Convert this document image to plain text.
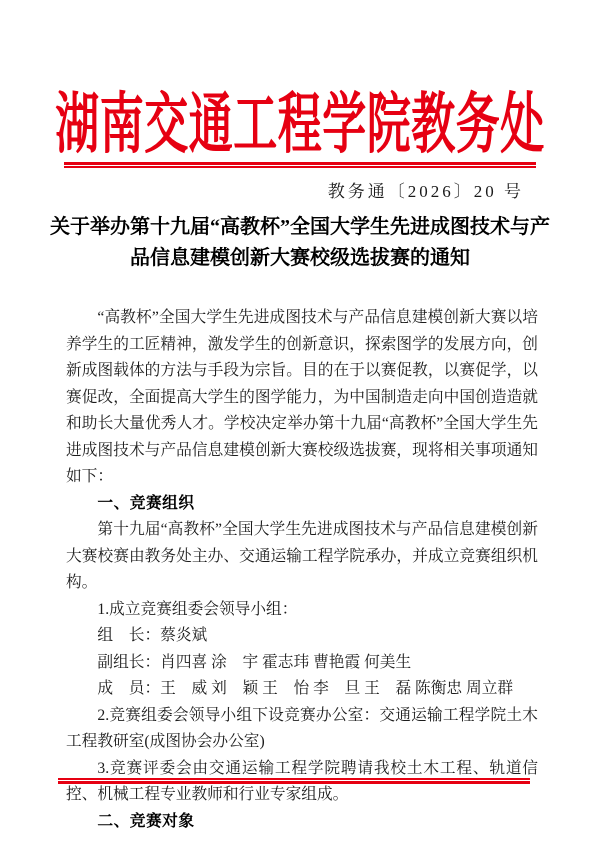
湖南交通工程学院教务处
教务通〔2026〕20 号
关于举办第十九届“高教杯”全国大学生先进成图技术与产
品信息建模创新大赛校级选拔赛的通知

“高教杯”全国大学生先进成图技术与产品信息建模创新大赛以培养学生的工匠精神，激发学生的创新意识，探索图学的发展方向，创新成图载体的方法与手段为宗旨。目的在于以赛促教，以赛促学，以赛促改，全面提高大学生的图学能力，为中国制造走向中国创造造就和助长大量优秀人才。学校决定举办第十九届“高教杯”全国大学生先进成图技术与产品信息建模创新大赛校级选拔赛，现将相关事项通知如下：

一、竞赛组织

第十九届“高教杯”全国大学生先进成图技术与产品信息建模创新大赛校赛由教务处主办、交通运输工程学院承办，并成立竞赛组织机构。

1.成立竞赛组委会领导小组：

组　长：蔡炎斌

副组长：肖四喜 涂　宇 霍志玮 曹艳霞 何美生

成　员：王　威 刘　颖 王　怡 李　旦 王　磊 陈衡忠 周立群

2.竞赛组委会领导小组下设竞赛办公室：交通运输工程学院土木工程教研室(成图协会办公室)

3.竞赛评委会由交通运输工程学院聘请我校土木工程、轨道信控、机械工程专业教师和行业专家组成。

二、竞赛对象
